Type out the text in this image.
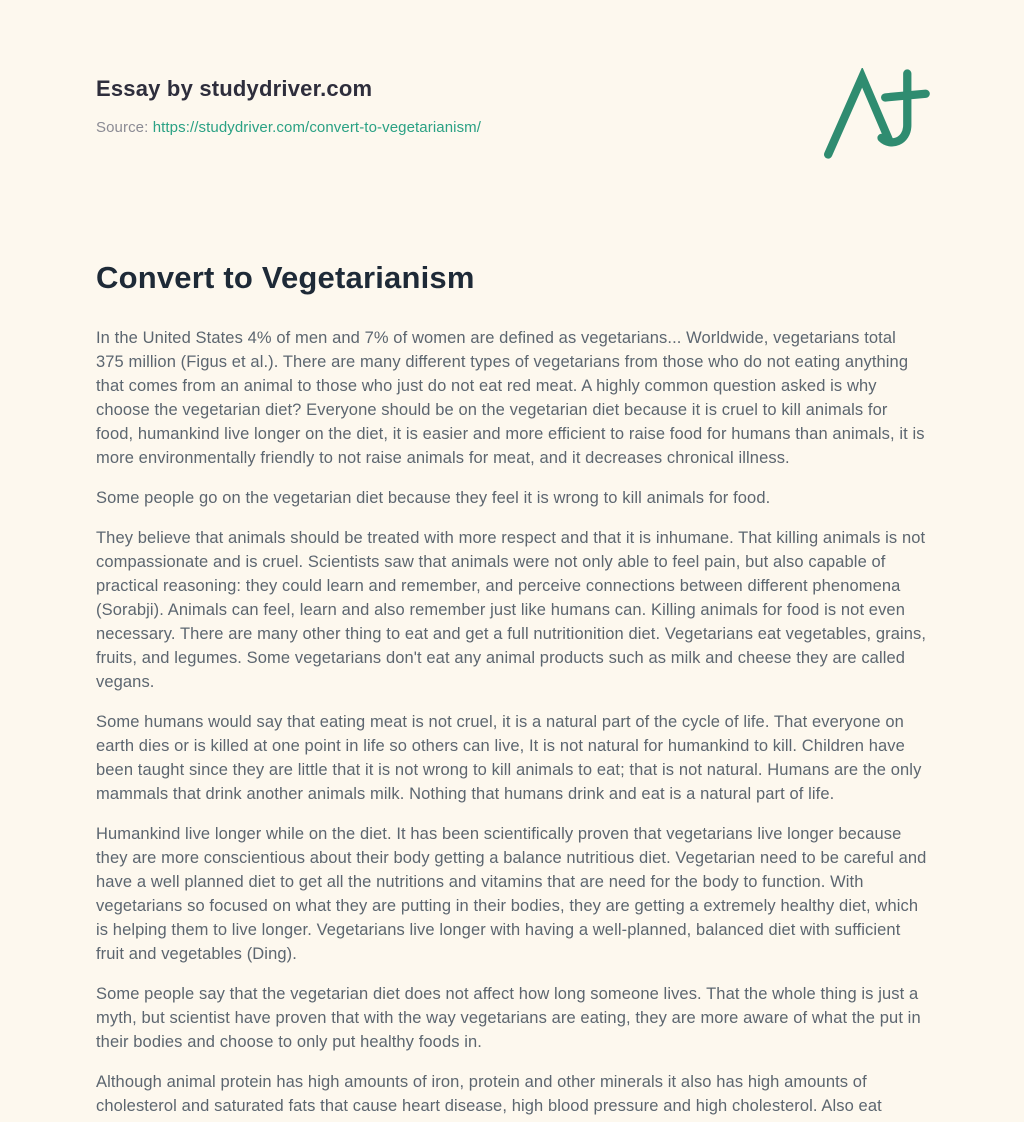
Essay by studydriver.com
Source: https://studydriver.com/convert-to-vegetarianism/
Convert to Vegetarianism

In the United States 4% of men and 7% of women are defined as vegetarians... Worldwide, vegetarians total 375 million (Figus et al.). There are many different types of vegetarians from those who do not eating anything that comes from an animal to those who just do not eat red meat. A highly common question asked is why choose the vegetarian diet? Everyone should be on the vegetarian diet because it is cruel to kill animals for food, humankind live longer on the diet, it is easier and more efficient to raise food for humans than animals, it is more environmentally friendly to not raise animals for meat, and it decreases chronical illness.

Some people go on the vegetarian diet because they feel it is wrong to kill animals for food.

They believe that animals should be treated with more respect and that it is inhumane. That killing animals is not compassionate and is cruel. Scientists saw that animals were not only able to feel pain, but also capable of practical reasoning: they could learn and remember, and perceive connections between different phenomena (Sorabji). Animals can feel, learn and also remember just like humans can. Killing animals for food is not even necessary. There are many other thing to eat and get a full nutritionition diet. Vegetarians eat vegetables, grains, fruits, and legumes. Some vegetarians don't eat any animal products such as milk and cheese they are called vegans.

Some humans would say that eating meat is not cruel, it is a natural part of the cycle of life. That everyone on earth dies or is killed at one point in life so others can live, It is not natural for humankind to kill. Children have been taught since they are little that it is not wrong to kill animals to eat; that is not natural. Humans are the only mammals that drink another animals milk. Nothing that humans drink and eat is a natural part of life.

Humankind live longer while on the diet. It has been scientifically proven that vegetarians live longer because they are more conscientious about their body getting a balance nutritious diet. Vegetarian need to be careful and have a well planned diet to get all the nutritions and vitamins that are need for the body to function. With vegetarians so focused on what they are putting in their bodies, they are getting a extremely healthy diet, which is helping them to live longer. Vegetarians live longer with having a well-planned, balanced diet with sufficient fruit and vegetables (Ding).

Some people say that the vegetarian diet does not affect how long someone lives. That the whole thing is just a myth, but scientist have proven that with the way vegetarians are eating, they are more aware of what the put in their bodies and choose to only put healthy foods in.

Although animal protein has high amounts of iron, protein and other minerals it also has high amounts of cholesterol and saturated fats that cause heart disease, high blood pressure and high cholesterol. Also eat
